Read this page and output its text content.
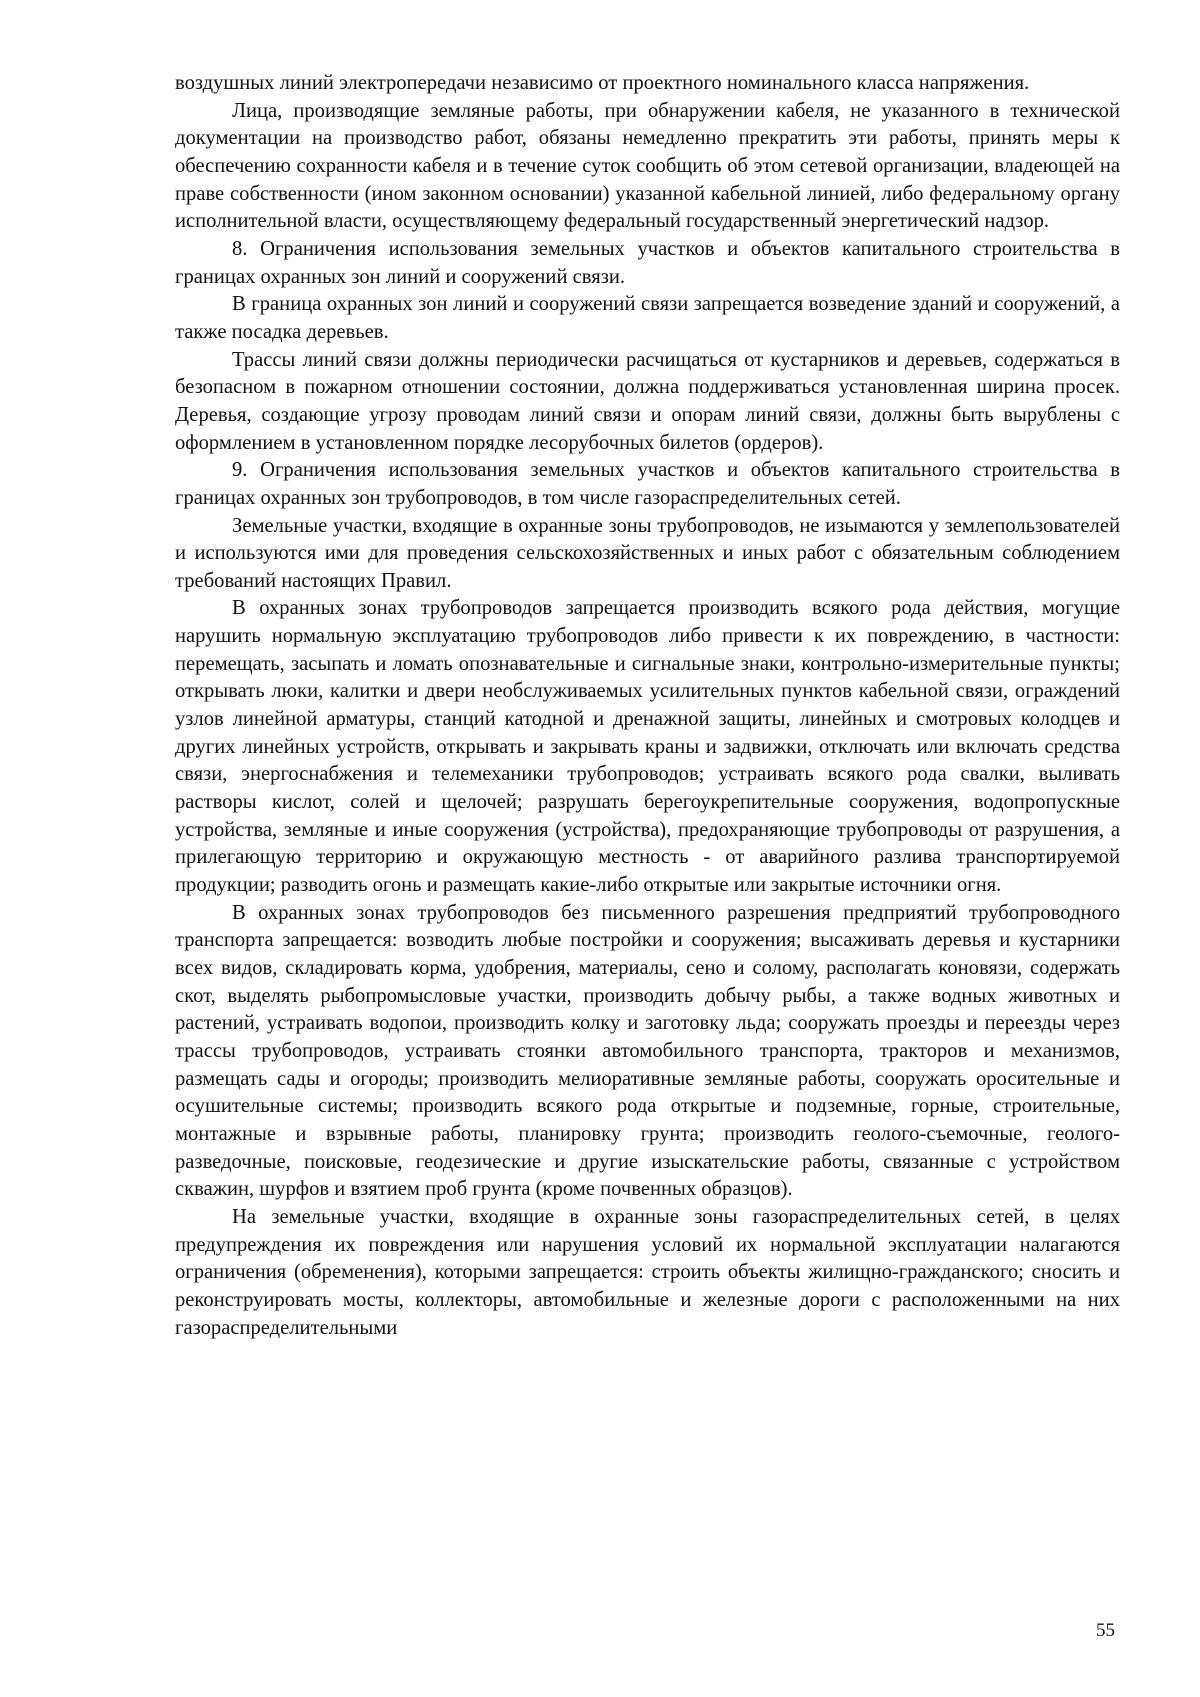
воздушных линий электропередачи независимо от проектного номинального класса напряжения.

Лица, производящие земляные работы, при обнаружении кабеля, не указанного в технической документации на производство работ, обязаны немедленно прекратить эти работы, принять меры к обеспечению сохранности кабеля и в течение суток сообщить об этом сетевой организации, владеющей на праве собственности (ином законном основании) указанной кабельной линией, либо федеральному органу исполнительной власти, осуществляющему федеральный государственный энергетический надзор.

8. Ограничения использования земельных участков и объектов капитального строительства в границах охранных зон линий и сооружений связи.

В граница охранных зон линий и сооружений связи запрещается возведение зданий и сооружений, а также посадка деревьев.

Трассы линий связи должны периодически расчищаться от кустарников и деревьев, содержаться в безопасном в пожарном отношении состоянии, должна поддерживаться установленная ширина просек. Деревья, создающие угрозу проводам линий связи и опорам линий связи, должны быть вырублены с оформлением в установленном порядке лесорубочных билетов (ордеров).

9. Ограничения использования земельных участков и объектов капитального строительства в границах охранных зон трубопроводов, в том числе газораспределительных сетей.

Земельные участки, входящие в охранные зоны трубопроводов, не изымаются у землепользователей и используются ими для проведения сельскохозяйственных и иных работ с обязательным соблюдением требований настоящих Правил.

В охранных зонах трубопроводов запрещается производить всякого рода действия, могущие нарушить нормальную эксплуатацию трубопроводов либо привести к их повреждению, в частности: перемещать, засыпать и ломать опознавательные и сигнальные знаки, контрольно-измерительные пункты; открывать люки, калитки и двери необслуживаемых усилительных пунктов кабельной связи, ограждений узлов линейной арматуры, станций катодной и дренажной защиты, линейных и смотровых колодцев и других линейных устройств, открывать и закрывать краны и задвижки, отключать или включать средства связи, энергоснабжения и телемеханики трубопроводов; устраивать всякого рода свалки, выливать растворы кислот, солей и щелочей; разрушать берегоукрепительные сооружения, водопропускные устройства, земляные и иные сооружения (устройства), предохраняющие трубопроводы от разрушения, а прилегающую территорию и окружающую местность - от аварийного разлива транспортируемой продукции; разводить огонь и размещать какие-либо открытые или закрытые источники огня.

В охранных зонах трубопроводов без письменного разрешения предприятий трубопроводного транспорта запрещается: возводить любые постройки и сооружения; высаживать деревья и кустарники всех видов, складировать корма, удобрения, материалы, сено и солому, располагать коновязи, содержать скот, выделять рыбопромысловые участки, производить добычу рыбы, а также водных животных и растений, устраивать водопои, производить колку и заготовку льда; сооружать проезды и переезды через трассы трубопроводов, устраивать стоянки автомобильного транспорта, тракторов и механизмов, размещать сады и огороды; производить мелиоративные земляные работы, сооружать оросительные и осушительные системы; производить всякого рода открытые и подземные, горные, строительные, монтажные и взрывные работы, планировку грунта; производить геолого-съемочные, геолого-разведочные, поисковые, геодезические и другие изыскательские работы, связанные с устройством скважин, шурфов и взятием проб грунта (кроме почвенных образцов).

На земельные участки, входящие в охранные зоны газораспределительных сетей, в целях предупреждения их повреждения или нарушения условий их нормальной эксплуатации налагаются ограничения (обременения), которыми запрещается: строить объекты жилищно-гражданского; сносить и реконструировать мосты, коллекторы, автомобильные и железные дороги с расположенными на них газораспределительными

55
